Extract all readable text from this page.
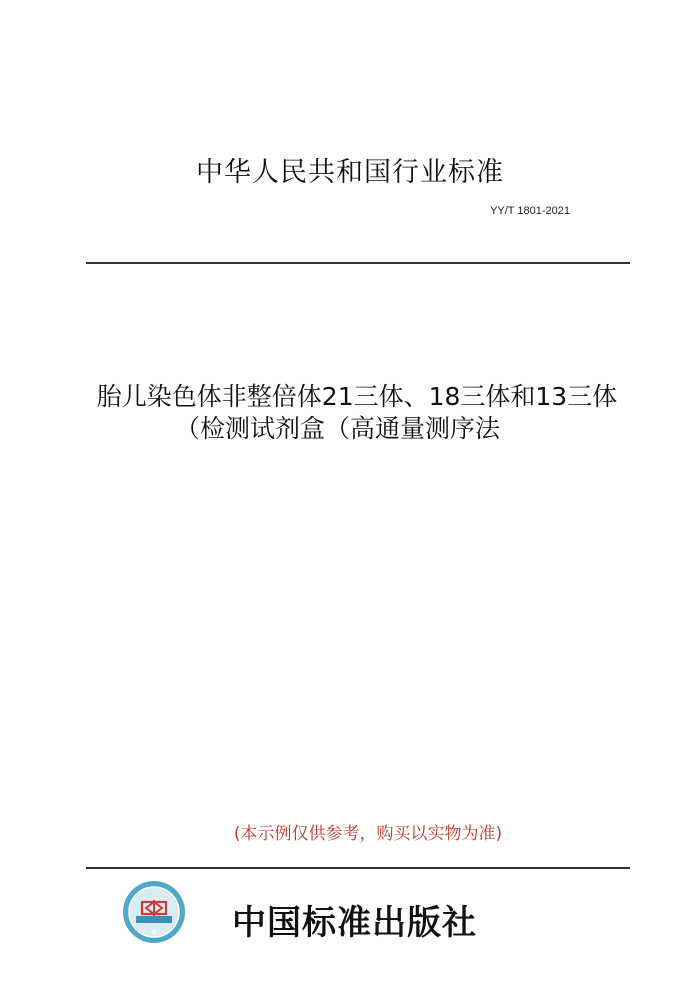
中华人民共和国行业标准
YY/T 1801-2021
胎儿染色体非整倍体21三体、18三体和13三体
（检测试剂盒（高通量测序法
(本示例仅供参考，购买以实物为准)
中国标准出版社
